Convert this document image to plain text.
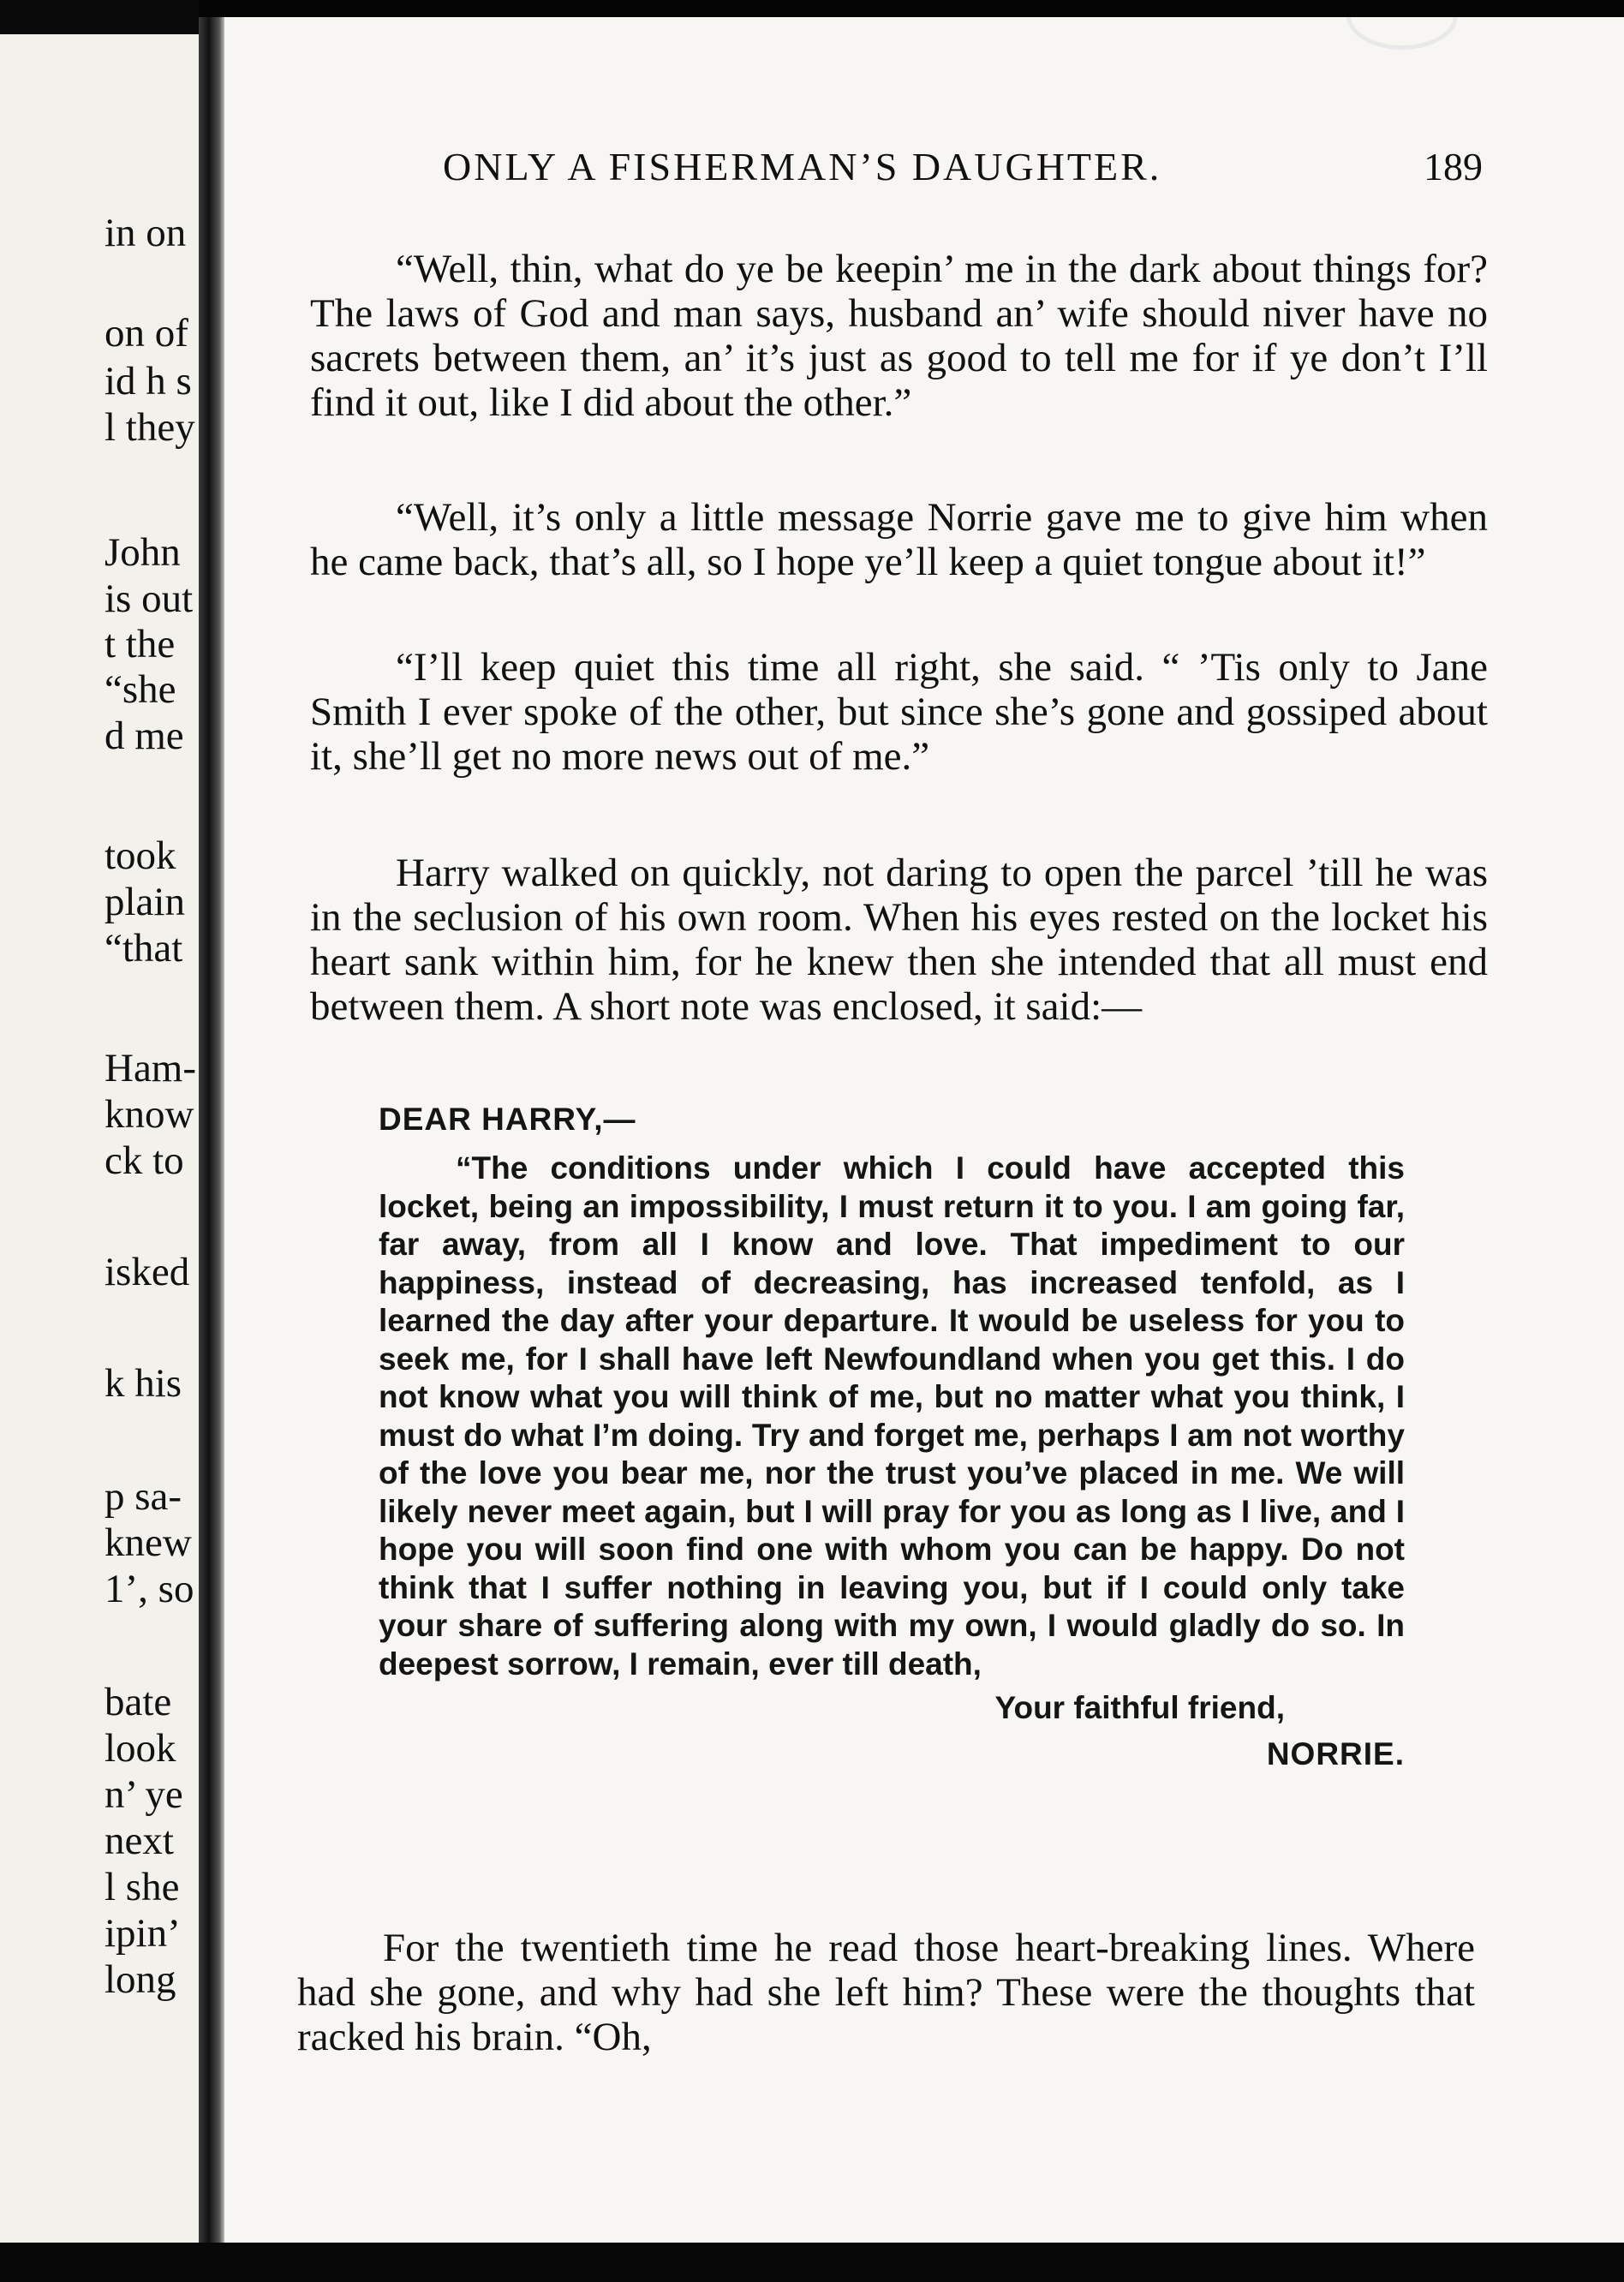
in on
on of
id h s
l they
John
is out
t the
“she
d me
took
plain
“that
Ham-
know
ck to
isked
k his
p sa-
knew
1’, so
bate
look
n’ ye
next
l she
ipin’
long
ONLY A FISHERMAN’S DAUGHTER.	189

“Well, thin, what do ye be keepin’ me in the dark about things for? The laws of God and man says, husband an’ wife should niver have no sacrets between them, an’ it’s just as good to tell me for if ye don’t I’ll find it out, like I did about the other.”

“Well, it’s only a little message Norrie gave me to give him when he came back, that’s all, so I hope ye’ll keep a quiet tongue about it!”

“I’ll keep quiet this time all right, she said. “ ’Tis only to Jane Smith I ever spoke of the other, but since she’s gone and gossiped about it, she’ll get no more news out of me.”

Harry walked on quickly, not daring to open the parcel ’till he was in the seclusion of his own room. When his eyes rested on the locket his heart sank within him, for he knew then she intended that all must end between them. A short note was enclosed, it said:—

DEAR HARRY,—

“The conditions under which I could have accepted this locket, being an impossibility, I must return it to you. I am going far, far away, from all I know and love. That impediment to our happiness, instead of decreasing, has increased tenfold, as I learned the day after your departure. It would be useless for you to seek me, for I shall have left Newfoundland when you get this. I do not know what you will think of me, but no matter what you think, I must do what I’m doing. Try and forget me, perhaps I am not worthy of the love you bear me, nor the trust you’ve placed in me. We will likely never meet again, but I will pray for you as long as I live, and I hope you will soon find one with whom you can be happy. Do not think that I suffer nothing in leaving you, but if I could only take your share of suffering along with my own, I would gladly do so. In deepest sorrow, I remain, ever till death,

Your faithful friend,
NORRIE.

For the twentieth time he read those heart-breaking lines. Where had she gone, and why had she left him? These were the thoughts that racked his brain. “Oh,
